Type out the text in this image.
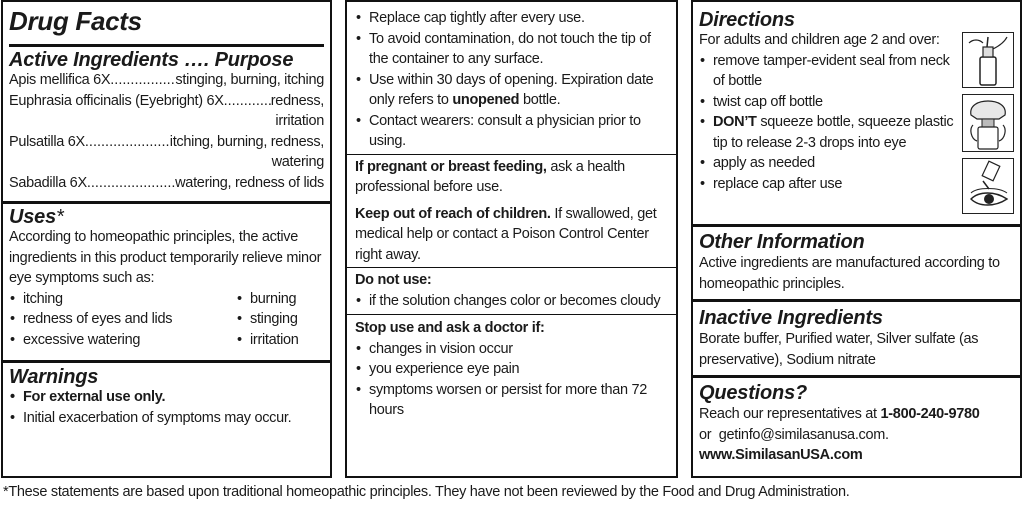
Drug Facts
Active Ingredients …. Purpose
Apis mellifica 6X .....	stinging, burning, itching
Euphrasia officinalis (Eyebright) 6X .....	redness,
irritation
Pulsatilla 6X .....	itching, burning, redness,
watering
Sabadilla 6X .....	watering, redness of lids
Uses*
According to homeopathic principles, the active ingredients in this product temporarily relieve minor eye symptoms such as:
• itching
• redness of eyes and lids
• excessive watering
• burning
• stinging
• irritation
Warnings
• For external use only.
• Initial exacerbation of symptoms may occur.
• Replace cap tightly after every use.
• To avoid contamination, do not touch the tip of the container to any surface.
• Use within 30 days of opening. Expiration date only refers to unopened bottle.
• Contact wearers: consult a physician prior to using.
If pregnant or breast feeding, ask a health professional before use.
Keep out of reach of children. If swallowed, get medical help or contact a Poison Control Center right away.
Do not use:
• if the solution changes color or becomes cloudy
Stop use and ask a doctor if:
• changes in vision occur
• you experience eye pain
• symptoms worsen or persist for more than 72 hours
Directions
For adults and children age 2 and over:
• remove tamper-evident seal from neck of bottle
• twist cap off bottle
• DON’T squeeze bottle, squeeze plastic tip to release 2-3 drops into eye
• apply as needed
• replace cap after use
Other Information
Active ingredients are manufactured according to homeopathic principles.
Inactive Ingredients
Borate buffer, Purified water, Silver sulfate (as preservative), Sodium nitrate
Questions?
Reach our representatives at 1-800-240-9780
or  getinfo@similasanusa.com.
www.SimilasanUSA.com
*These statements are based upon traditional homeopathic principles. They have not been reviewed by the Food and Drug Administration.
